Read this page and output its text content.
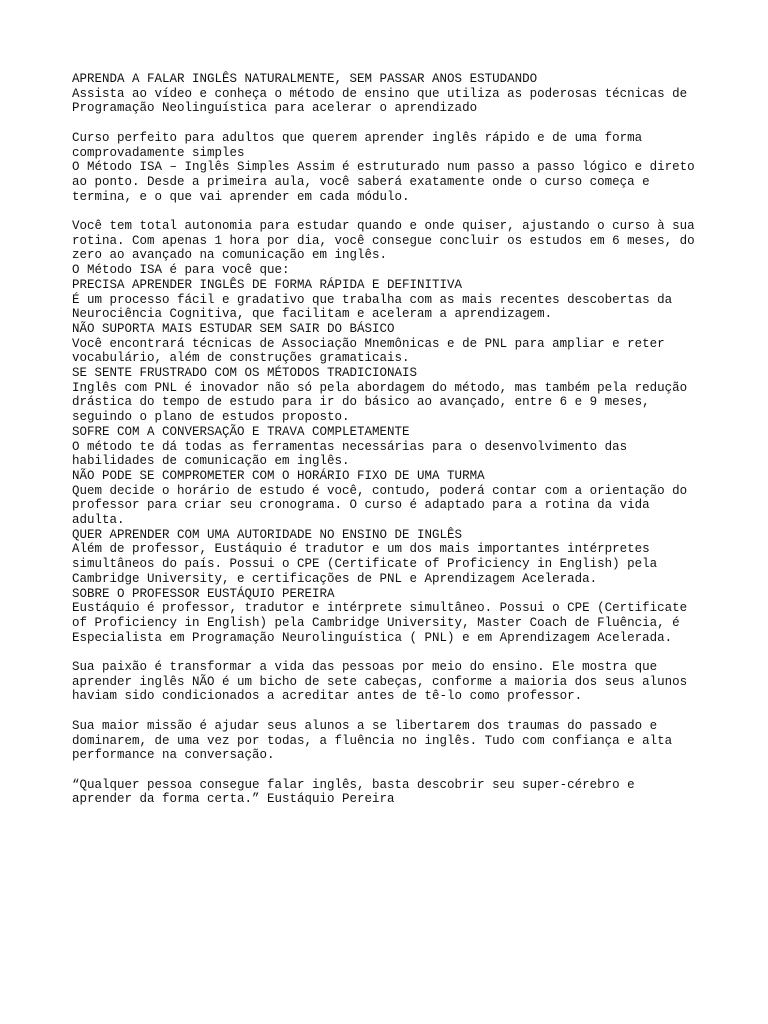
APRENDA A FALAR INGLÊS NATURALMENTE, SEM PASSAR ANOS ESTUDANDO
Assista ao vídeo e conheça o método de ensino que utiliza as poderosas técnicas de
Programação Neolinguística para acelerar o aprendizado
Curso perfeito para adultos que querem aprender inglês rápido e de uma forma
comprovadamente simples
O Método ISA – Inglês Simples Assim é estruturado num passo a passo lógico e direto
ao ponto. Desde a primeira aula, você saberá exatamente onde o curso começa e
termina, e o que vai aprender em cada módulo.
Você tem total autonomia para estudar quando e onde quiser, ajustando o curso à sua
rotina. Com apenas 1 hora por dia, você consegue concluir os estudos em 6 meses, do
zero ao avançado na comunicação em inglês.
O Método ISA é para você que:
PRECISA APRENDER INGLÊS DE FORMA RÁPIDA E DEFINITIVA
É um processo fácil e gradativo que trabalha com as mais recentes descobertas da
Neurociência Cognitiva, que facilitam e aceleram a aprendizagem.
NÃO SUPORTA MAIS ESTUDAR SEM SAIR DO BÁSICO
Você encontrará técnicas de Associação Mnemônicas e de PNL para ampliar e reter
vocabulário, além de construções gramaticais.
SE SENTE FRUSTRADO COM OS MÉTODOS TRADICIONAIS
Inglês com PNL é inovador não só pela abordagem do método, mas também pela redução
drástica do tempo de estudo para ir do básico ao avançado, entre 6 e 9 meses,
seguindo o plano de estudos proposto.
SOFRE COM A CONVERSAÇÃO E TRAVA COMPLETAMENTE
O método te dá todas as ferramentas necessárias para o desenvolvimento das
habilidades de comunicação em inglês.
NÃO PODE SE COMPROMETER COM O HORÁRIO FIXO DE UMA TURMA
Quem decide o horário de estudo é você, contudo, poderá contar com a orientação do
professor para criar seu cronograma. O curso é adaptado para a rotina da vida
adulta.
QUER APRENDER COM UMA AUTORIDADE NO ENSINO DE INGLÊS
Além de professor, Eustáquio é tradutor e um dos mais importantes intérpretes
simultâneos do país. Possui o CPE (Certificate of Proficiency in English) pela
Cambridge University, e certificações de PNL e Aprendizagem Acelerada.
SOBRE O PROFESSOR EUSTÁQUIO PEREIRA
Eustáquio é professor, tradutor e intérprete simultâneo. Possui o CPE (Certificate
of Proficiency in English) pela Cambridge University, Master Coach de Fluência, é
Especialista em Programação Neurolinguística ( PNL) e em Aprendizagem Acelerada.
Sua paixão é transformar a vida das pessoas por meio do ensino. Ele mostra que
aprender inglês NÃO é um bicho de sete cabeças, conforme a maioria dos seus alunos
haviam sido condicionados a acreditar antes de tê-lo como professor.
Sua maior missão é ajudar seus alunos a se libertarem dos traumas do passado e
dominarem, de uma vez por todas, a fluência no inglês. Tudo com confiança e alta
performance na conversação.
“Qualquer pessoa consegue falar inglês, basta descobrir seu super-cérebro e
aprender da forma certa.” Eustáquio Pereira
